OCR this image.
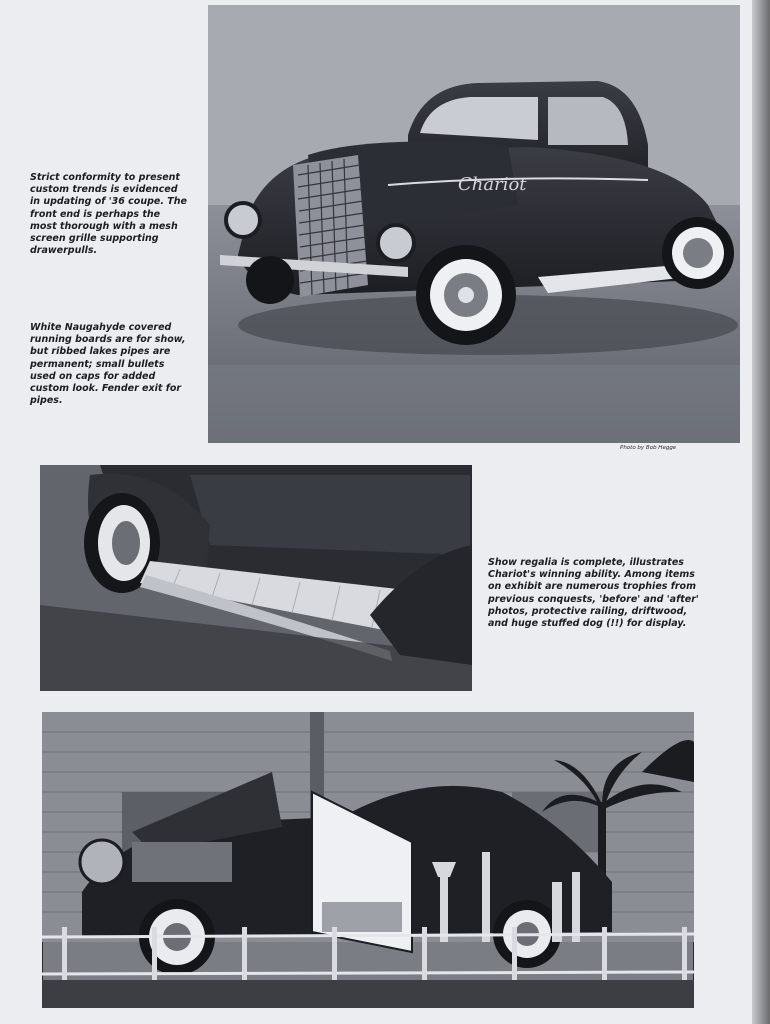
Strict conformity to present custom trends is evidenced in updating of '36 coupe. The front end is perhaps the most thorough with a mesh screen grille supporting drawerpulls.

White Naugahyde covered running boards are for show, but ribbed lakes pipes are permanent; small bullets used on caps for added custom look. Fender exit for pipes.

Chariot
Photo by Bob Hegge

Show regalia is complete, illustrates Chariot's winning ability. Among items on exhibit are numerous trophies from previous conquests, 'before' and 'after' photos, protective railing, driftwood, and huge stuffed dog (!!) for display.
